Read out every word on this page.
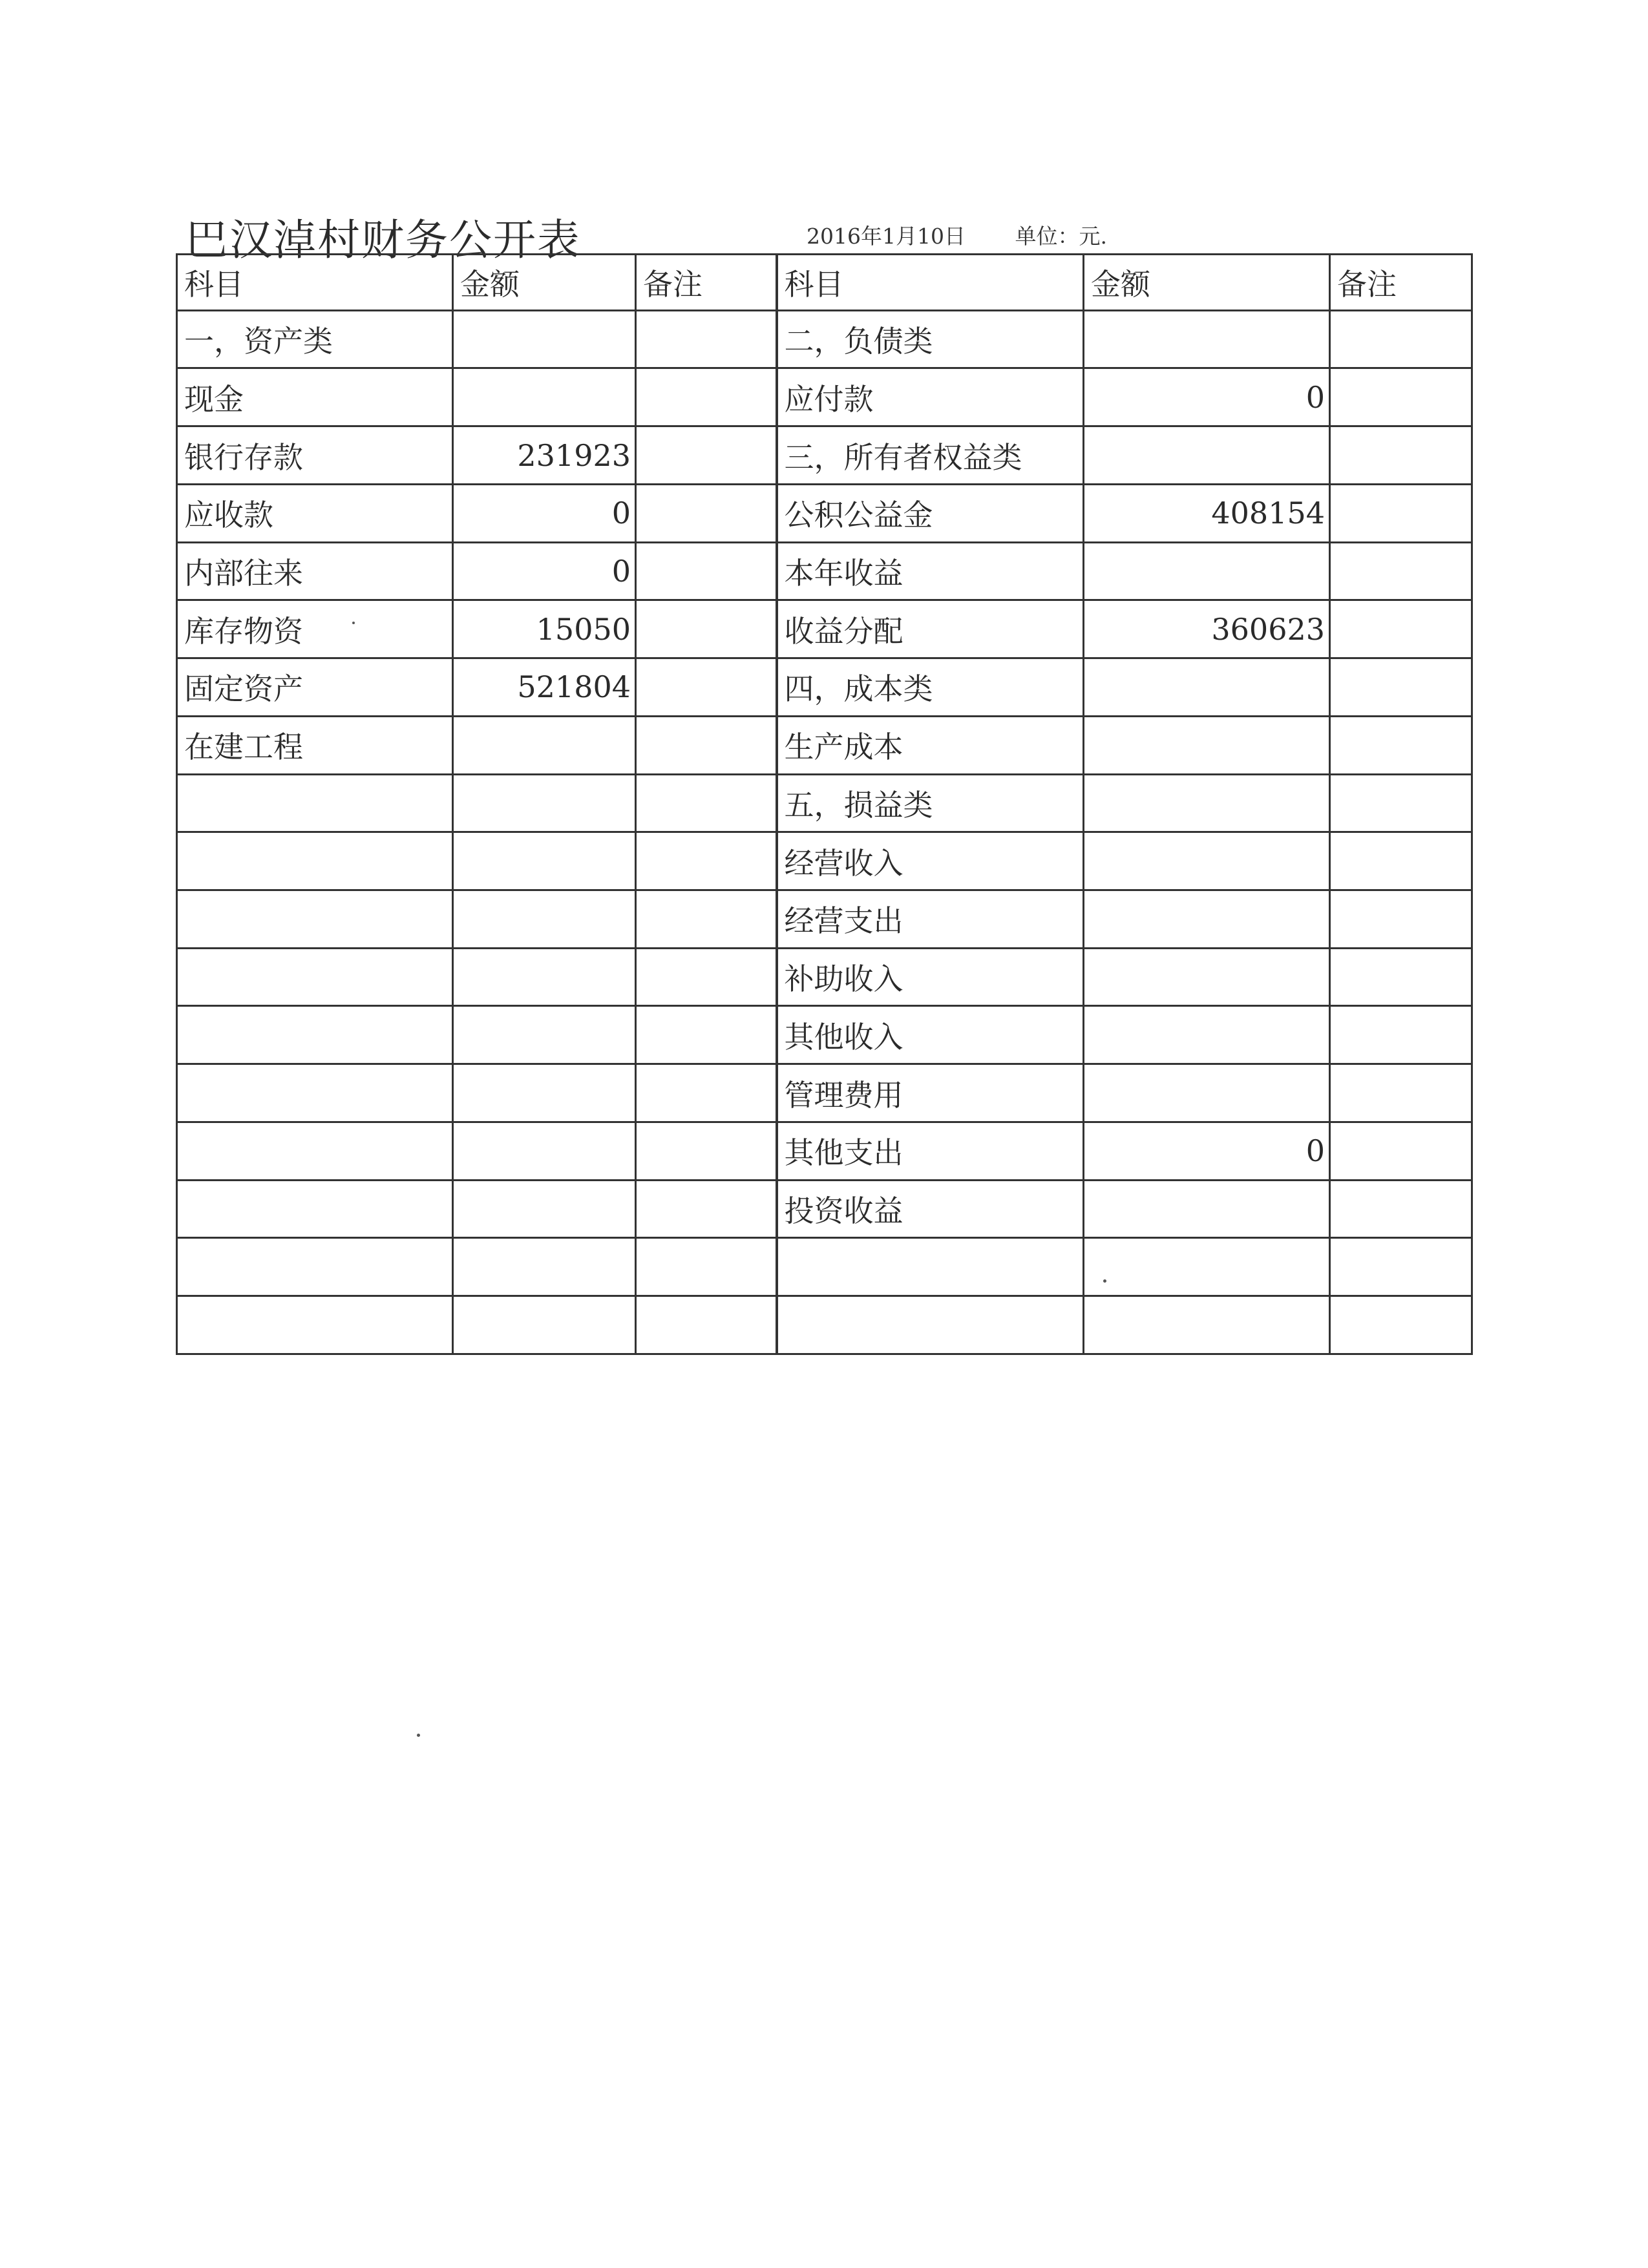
巴汉淖村财务公开表	2016年1月10日 单位：元.
科目	金额	备注	科目	金额	备注
一，资产类			二，负债类		
现金			应付款	0	
银行存款	231923		三，所有者权益类		
应收款	0		公积公益金	408154	
内部往来	0		本年收益		
库存物资	15050		收益分配	360623	
固定资产	521804		四，成本类		
在建工程			生产成本		
			五，损益类		
			经营收入		
			经营支出		
			补助收入		
			其他收入		
			管理费用		
			其他支出	0	
			投资收益		
